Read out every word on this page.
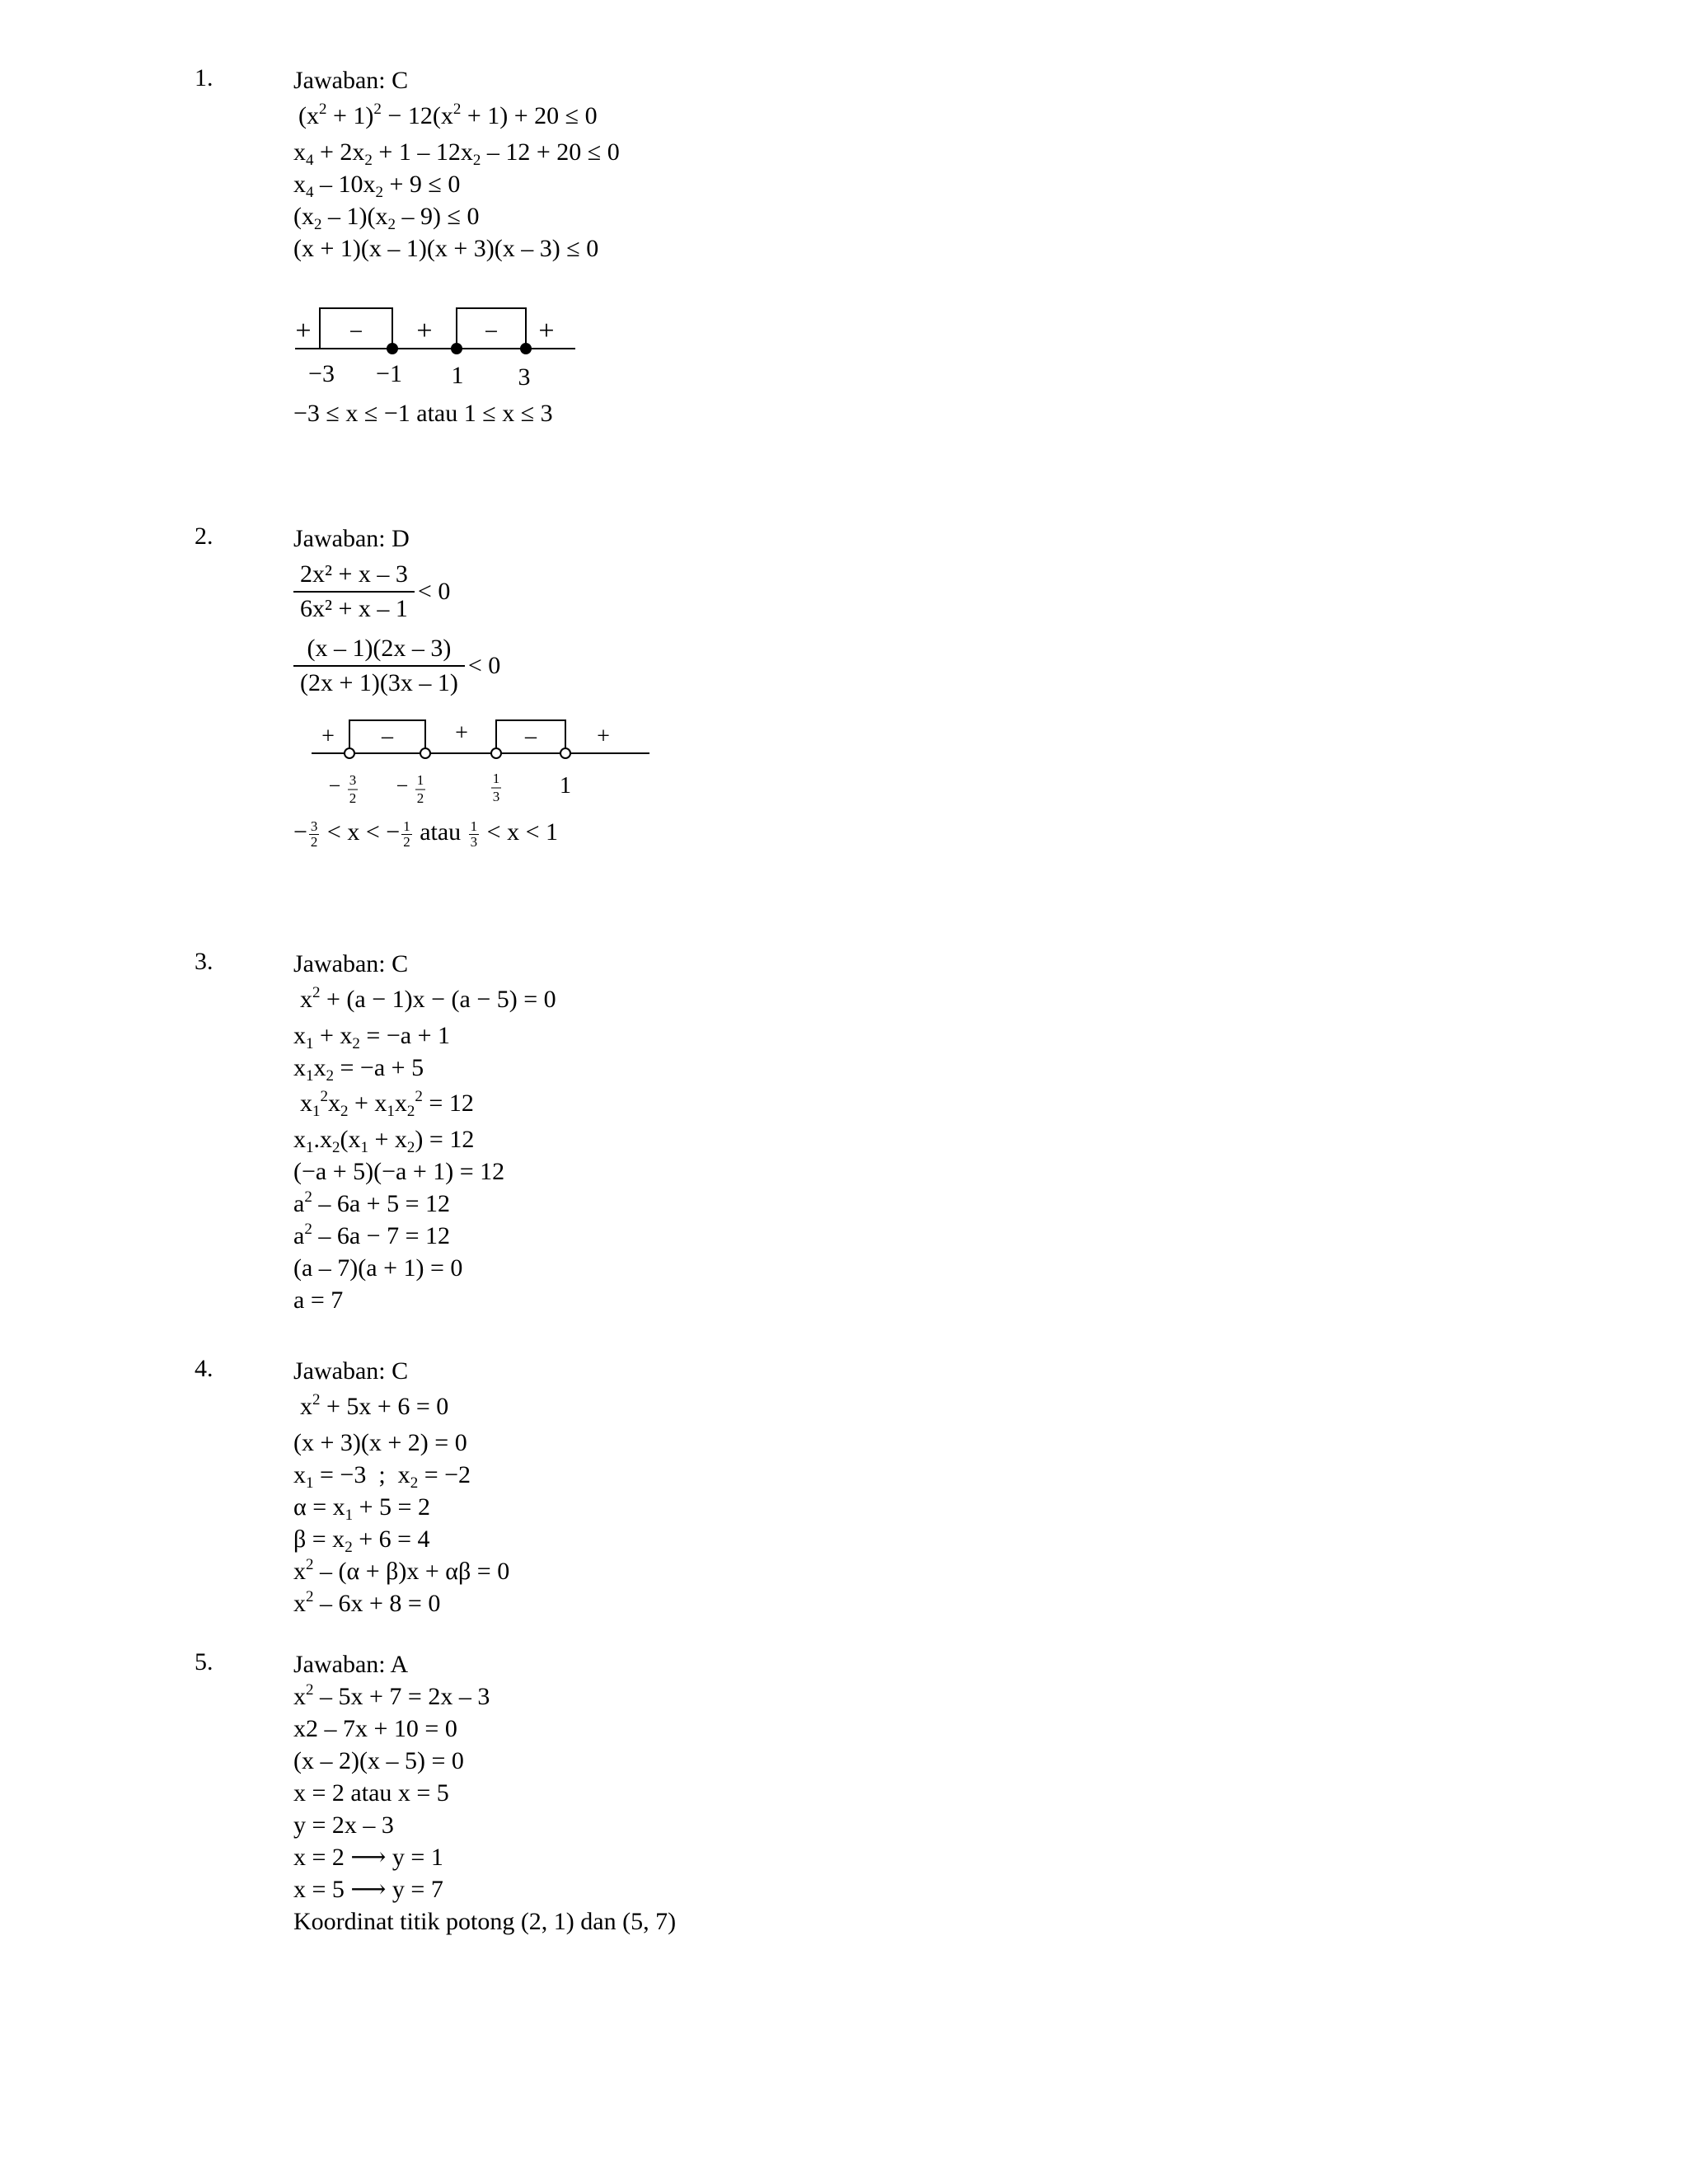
1.	Jawaban: C
$(x^2 + 1)^2 - 12(x^2 + 1) + 20 \le 0$
$x_4 + 2x_2 + 1 - 12x_2 - 12 + 20 \le 0$
$x_4 - 10x_2 + 9 \le 0$
$(x_2 - 1)(x_2 - 9) \le 0$
(x + 1)(x – 1)(x + 3)(x – 3) ≤ 0
+ − + − +
−3 −1 1 3
−3 ≤ x ≤ −1 atau 1 ≤ x ≤ 3
2.	Jawaban: D
$\frac{\text{2x² + x – 3}}{\text{6x² + x – 1}} < 0$
$\frac{(x - 1)(2x - 3)}{(2x + 1)(3x - 1)} < 0$
+ –	+ –	+
− 3
2
− 1
2
1
3	1
− $\frac{3}{2} < x$ < − $\frac{1}{2}$ atau $\frac{1}{3} < x < 1$
3.	Jawaban: C
$x^2 + (a - 1)x - (a - 5) = 0$
$x_1 + x_2 = -a + 1$
$x_1x_2 = -a + 5$
$x_1^2x_2 + x_1x_2^2 = 12$
$x_1.x_2(x_1 + x_2) = 12$
(−a + 5)(−a + 1) = 12
$a^2 - 6a + 5 = 12$
$a^2 - 6a - 7 = 12$
(a – 7)(a + 1) = 0
a = 7
4.	Jawaban: C
$x^2 + 5x + 6 = 0$
(x + 3)(x + 2) = 0
$x_1 = -3$  ;  $x_2 = -2$
$\alpha = x_1 + 5 = 2$
$\beta = x_2 + 6 = 4$
$x^2 - (\alpha + \beta)x + \alpha\beta = 0$
$x^2 - 6x + 8 = 0$
5.	Jawaban: A
$x^2 - 5x + 7 = 2x - 3$
x2 – 7x + 10 = 0
(x – 2)(x – 5) = 0
x = 2 atau x = 5
y = 2x – 3
x = 2 ⟶ y = 1
x = 5 ⟶ y = 7
Koordinat titik potong (2, 1) dan (5, 7)
